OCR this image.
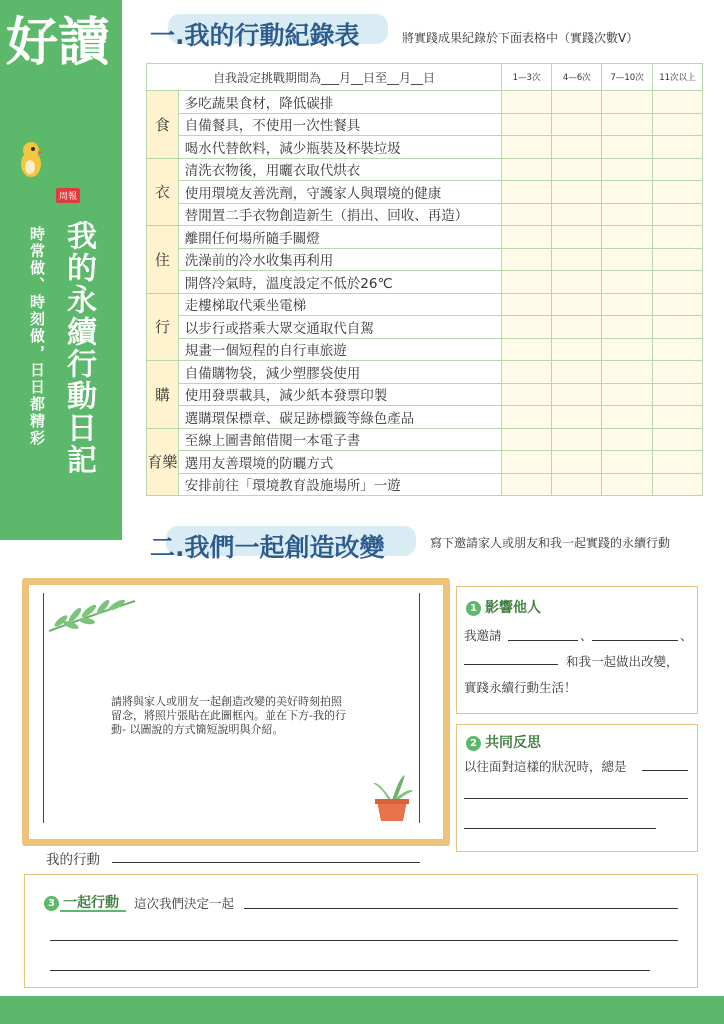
好讀
周報
我的永續行動日記
時常做、時刻做，日日都精彩
一.我的行動紀錄表	將實踐成果紀錄於下面表格中（實踐次數V）
自我設定挑戰期間為___月__日至__月__日		1—3次	4—6次	7—10次	11次以上
食	多吃蔬果食材，降低碳排				
	自備餐具，不使用一次性餐具				
	喝水代替飲料，減少瓶裝及杯裝垃圾				
衣	清洗衣物後，用曬衣取代烘衣				
	使用環境友善洗劑，守護家人與環境的健康				
	替閒置二手衣物創造新生（捐出、回收、再造）				
住	離開任何場所隨手關燈				
	洗澡前的冷水收集再利用				
	開啓冷氣時，溫度設定不低於26℃				
行	走樓梯取代乘坐電梯				
	以步行或搭乘大眾交通取代自駕				
	規畫一個短程的自行車旅遊				
購	自備購物袋，減少塑膠袋使用				
	使用發票載具，減少紙本發票印製				
	選購環保標章、碳足跡標籤等綠色產品				
育樂	至線上圖書館借閱一本電子書				
	選用友善環境的防曬方式				
	安排前往「環境教育設施場所」一遊				
二.我們一起創造改變	寫下邀請家人或朋友和我一起實踐的永續行動
請將與家人或朋友一起創造改變的美好時刻拍照留念，將照片張貼在此圖框內。並在下方-我的行動- 以圖說的方式簡短說明與介紹。
我的行動
1 影響他人
我邀請	、	、
和我一起做出改變，
實踐永續行動生活！
2 共同反思
以往面對這樣的狀況時，總是
3 一起行動 這次我們決定一起
